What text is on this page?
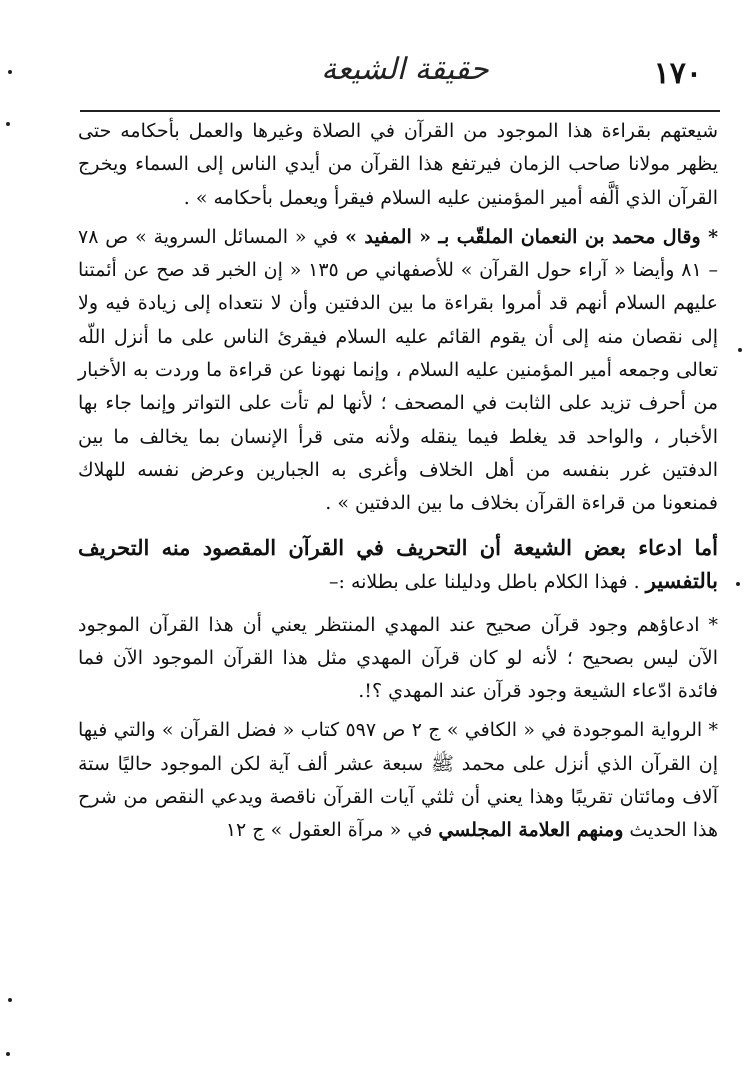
١٧٠
حقيقة الشيعة

شيعتهم بقراءة هذا الموجود من القرآن في الصلاة وغيرها والعمل بأحكامه حتى يظهر مولانا صاحب الزمان فيرتفع هذا القرآن من أيدي الناس إلى السماء ويخرج القرآن الذي ألَّفه أمير المؤمنين عليه السلام فيقرأ ويعمل بأحكامه » .

* وقال محمد بن النعمان الملقّب بـ « المفيد » في « المسائل السروية » ص ٧٨ – ٨١ وأيضا « آراء حول القرآن » للأصفهاني ص ١٣٥ « إن الخبر قد صح عن أئمتنا عليهم السلام أنهم قد أمروا بقراءة ما بين الدفتين وأن لا نتعداه إلى زيادة فيه ولا إلى نقصان منه إلى أن يقوم القائم عليه السلام فيقرئ الناس على ما أنزل اللّه تعالى وجمعه أمير المؤمنين عليه السلام ، وإنما نهونا عن قراءة ما وردت به الأخبار من أحرف تزيد على الثابت في المصحف ؛ لأنها لم تأت على التواتر وإنما جاء بها الأخبار ، والواحد قد يغلط فيما ينقله ولأنه متى قرأ الإنسان بما يخالف ما بين الدفتين غرر بنفسه من أهل الخلاف وأغرى به الجبارين وعرض نفسه للهلاك فمنعونا من قراءة القرآن بخلاف ما بين الدفتين » .

أما ادعاء بعض الشيعة أن التحريف في القرآن المقصود منه التحريف بالتفسير . فهذا الكلام باطل ودليلنا على بطلانه :–

* ادعاؤهم وجود قرآن صحيح عند المهدي المنتظر يعني أن هذا القرآن الموجود الآن ليس بصحيح ؛ لأنه لو كان قرآن المهدي مثل هذا القرآن الموجود الآن فما فائدة ادّعاء الشيعة وجود قرآن عند المهدي ؟!.

* الرواية الموجودة في « الكافي » ج ٢ ص ٥٩٧ كتاب « فضل القرآن » والتي فيها إن القرآن الذي أنزل على محمد ﷺ سبعة عشر ألف آية لكن الموجود حاليًا ستة آلاف ومائتان تقريبًا وهذا يعني أن ثلثي آيات القرآن ناقصة ويدعي النقص من شرح هذا الحديث ومنهم العلامة المجلسي في « مرآة العقول » ج ١٢
